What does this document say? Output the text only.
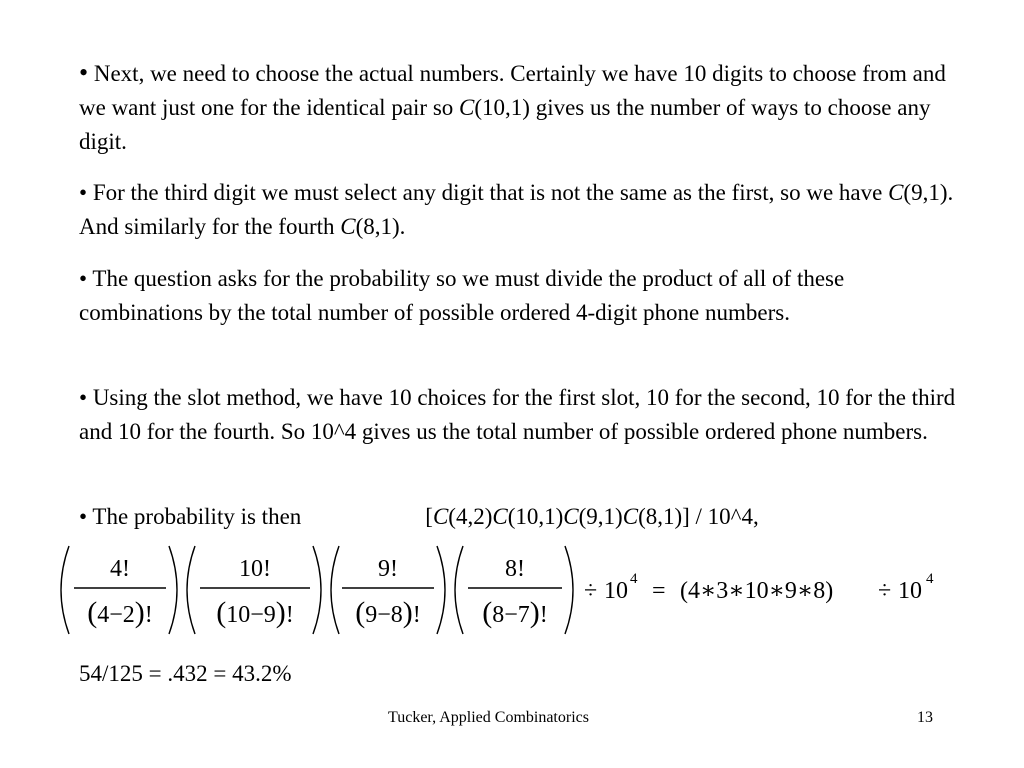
• Next, we need to choose the actual numbers. Certainly we have 10 digits to choose from and we want just one for the identical pair so C(10,1) gives us the number of ways to choose any digit.

• For the third digit we must select any digit that is not the same as the first, so we have C(9,1). And similarly for the fourth C(8,1).

• The question asks for the probability so we must divide the product of all of these combinations by the total number of possible ordered 4-digit phone numbers.

• Using the slot method, we have 10 choices for the first slot, 10 for the second, 10 for the third and 10 for the fourth. So 10^4 gives us the total number of possible ordered phone numbers.

• The probability is then	[C(4,2)C(10,1)C(9,1)C(8,1)] / 10^4,

4!
(4−2)!
10!
(10−9)!
9!
(9−8)!
8!
(8−7)!
÷ 10 4 = (4∗3∗10∗9∗8) ÷ 10 4

54/125 = .432 = 43.2%

Tucker, Applied Combinatorics	13
